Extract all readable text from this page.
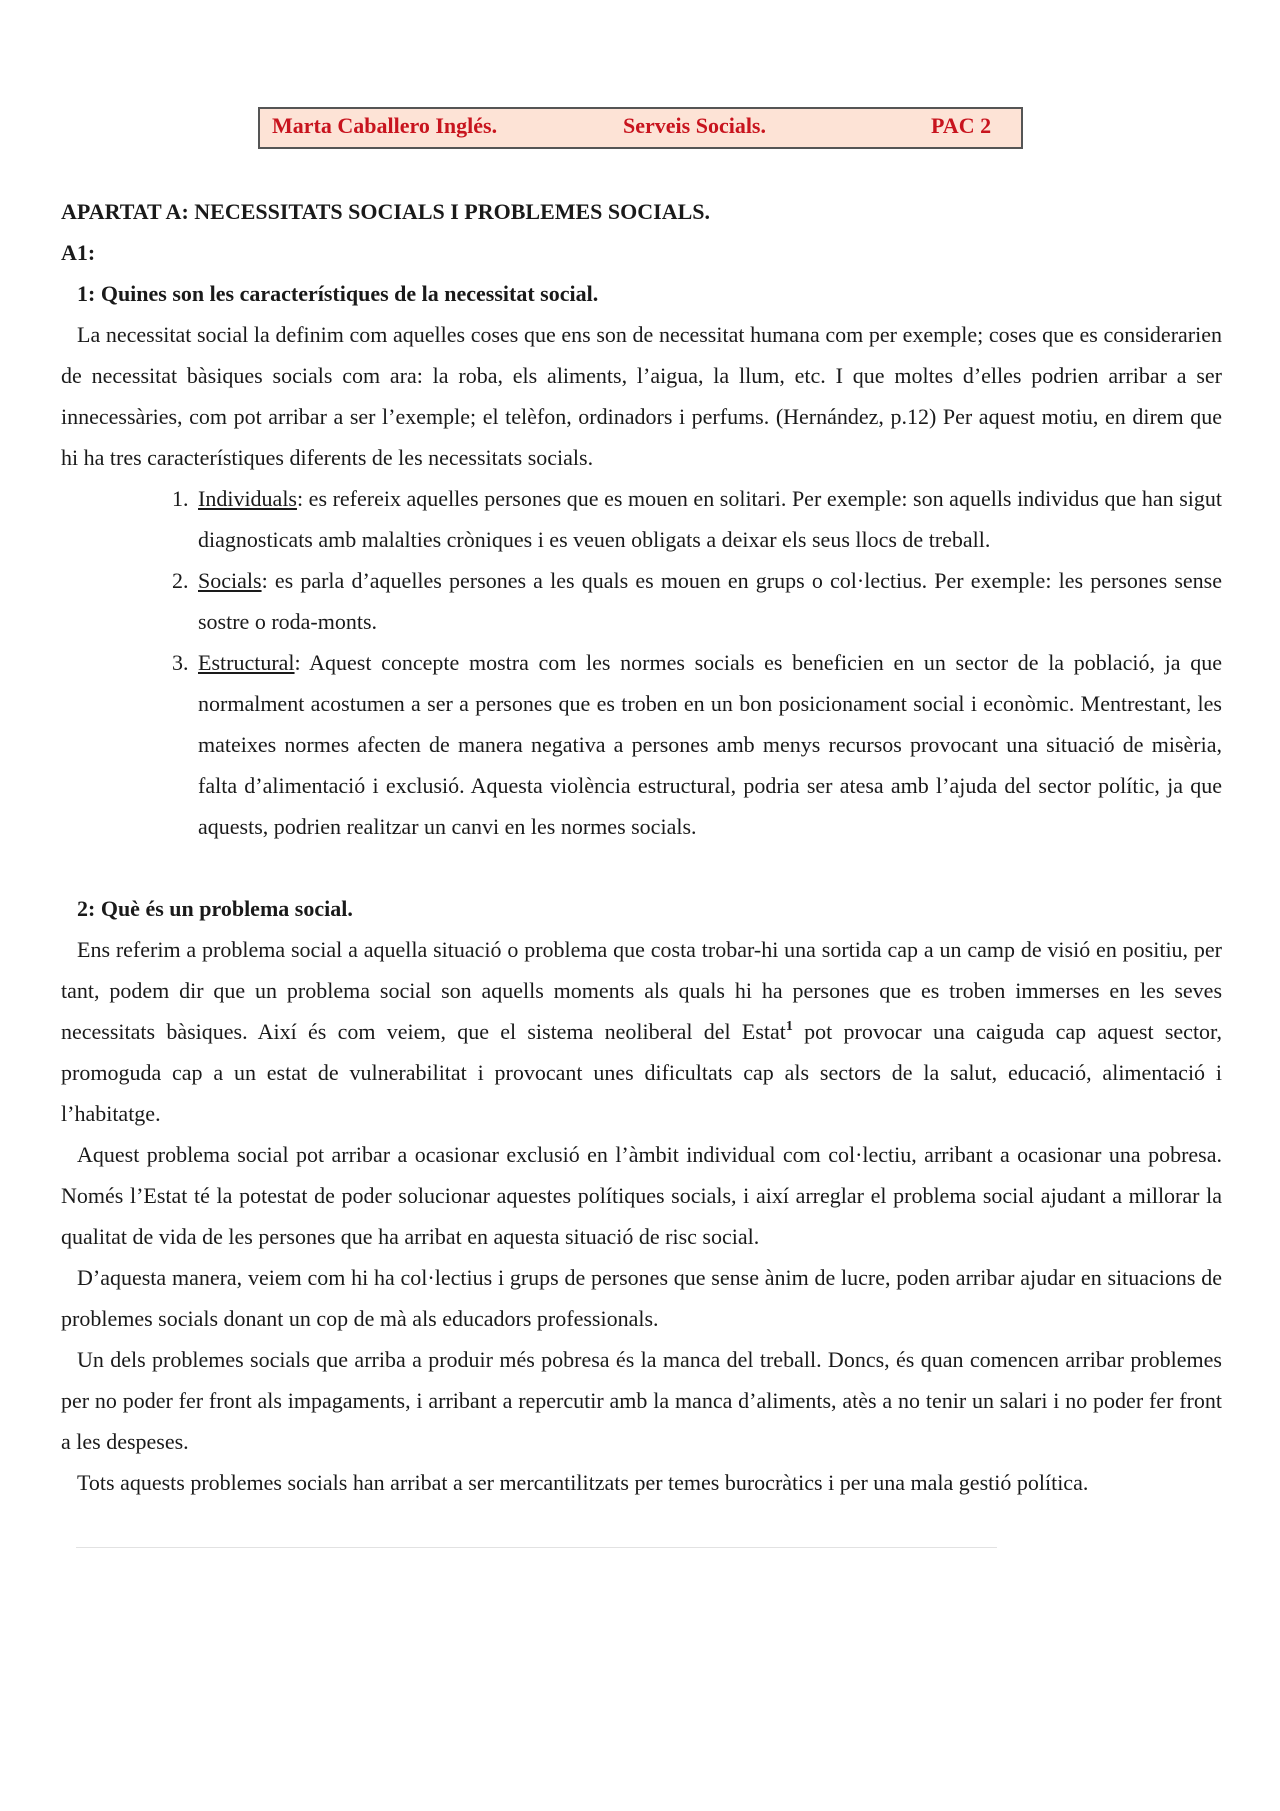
Marta Caballero Inglés.	Serveis Socials.	PAC 2

APARTAT A: NECESSITATS SOCIALS I PROBLEMES SOCIALS.

A1:

1: Quines son les característiques de la necessitat social.

La necessitat social la definim com aquelles coses que ens son de necessitat humana com per exemple; coses que es considerarien de necessitat bàsiques socials com ara: la roba, els aliments, l’aigua, la llum, etc. I que moltes d’elles podrien arribar a ser innecessàries, com pot arribar a ser l’exemple; el telèfon, ordinadors i perfums. (Hernández, p.12) Per aquest motiu, en direm que hi ha tres característiques diferents de les necessitats socials.

1. Individuals: es refereix aquelles persones que es mouen en solitari. Per exemple: son aquells individus que han sigut diagnosticats amb malalties cròniques i es veuen obligats a deixar els seus llocs de treball.
2. Socials: es parla d’aquelles persones a les quals es mouen en grups o col·lectius. Per exemple: les persones sense sostre o roda-monts.
3. Estructural: Aquest concepte mostra com les normes socials es beneficien en un sector de la població, ja que normalment acostumen a ser a persones que es troben en un bon posicionament social i econòmic. Mentrestant, les mateixes normes afecten de manera negativa a persones amb menys recursos provocant una situació de misèria, falta d’alimentació i exclusió. Aquesta violència estructural, podria ser atesa amb l’ajuda del sector polític, ja que aquests, podrien realitzar un canvi en les normes socials.

2: Què és un problema social.

Ens referim a problema social a aquella situació o problema que costa trobar-hi una sortida cap a un camp de visió en positiu, per tant, podem dir que un problema social son aquells moments als quals hi ha persones que es troben immerses en les seves necessitats bàsiques. Així és com veiem, que el sistema neoliberal del Estat$^1$ pot provocar una caiguda cap aquest sector, promoguda cap a un estat de vulnerabilitat i provocant unes dificultats cap als sectors de la salut, educació, alimentació i l’habitatge.

Aquest problema social pot arribar a ocasionar exclusió en l’àmbit individual com col·lectiu, arribant a ocasionar una pobresa. Només l’Estat té la potestat de poder solucionar aquestes polítiques socials, i així arreglar el problema social ajudant a millorar la qualitat de vida de les persones que ha arribat en aquesta situació de risc social.

D’aquesta manera, veiem com hi ha col·lectius i grups de persones que sense ànim de lucre, poden arribar ajudar en situacions de problemes socials donant un cop de mà als educadors professionals.

Un dels problemes socials que arriba a produir més pobresa és la manca del treball. Doncs, és quan comencen arribar problemes per no poder fer front als impagaments, i arribant a repercutir amb la manca d’aliments, atès a no tenir un salari i no poder fer front a les despeses.

Tots aquests problemes socials han arribat a ser mercantilitzats per temes burocràtics i per una mala gestió política.
